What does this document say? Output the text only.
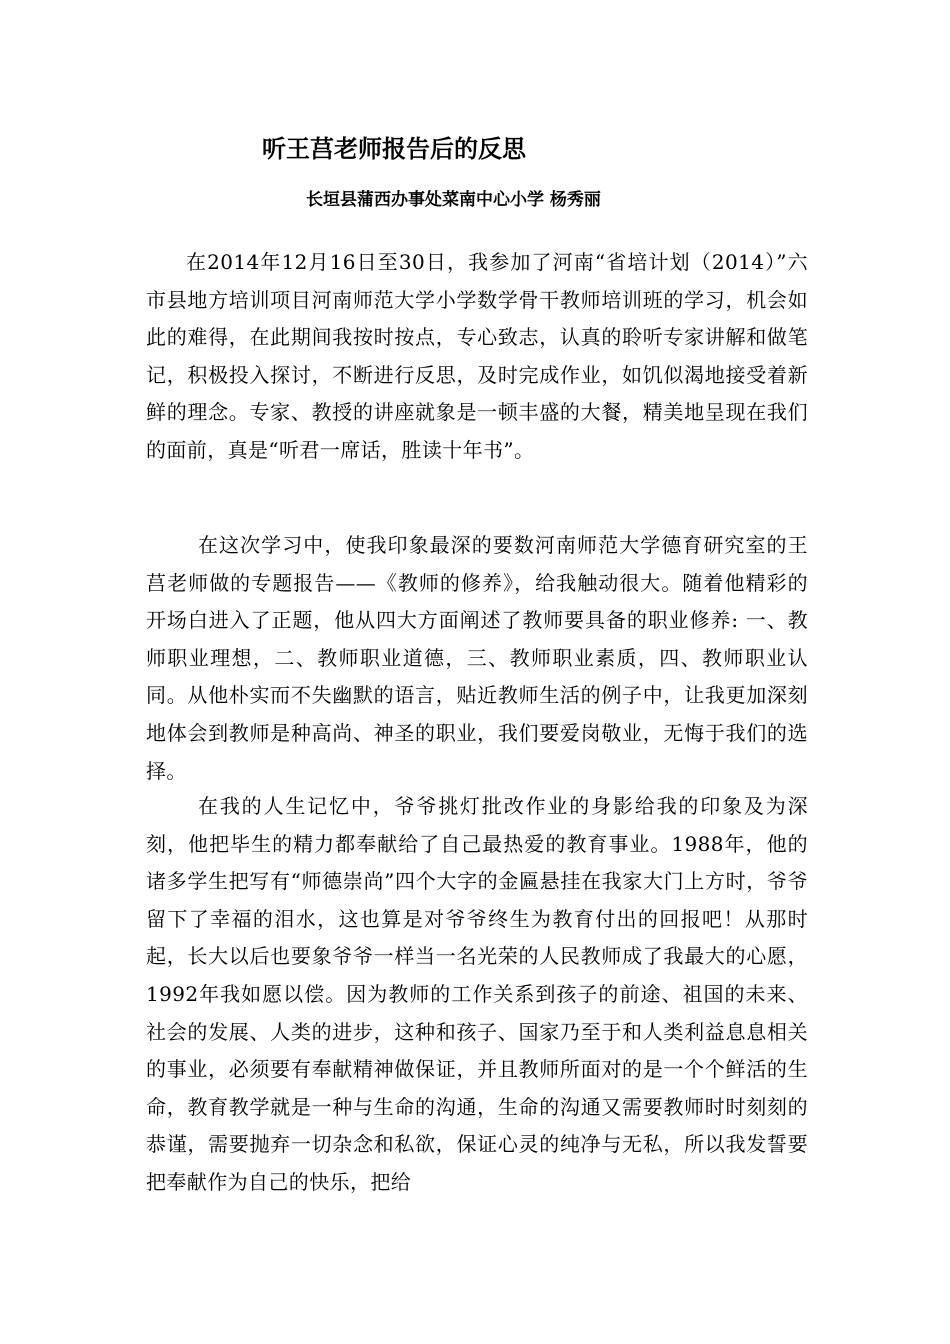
听王莒老师报告后的反思
长垣县蒲西办事处菜南中心小学 杨秀丽

在2014年12月16日至30日，我参加了河南“省培计划（2014）”六市县地方培训项目河南师范大学小学数学骨干教师培训班的学习，机会如此的难得，在此期间我按时按点，专心致志，认真的聆听专家讲解和做笔记，积极投入探讨，不断进行反思，及时完成作业，如饥似渴地接受着新鲜的理念。专家、教授的讲座就象是一顿丰盛的大餐，精美地呈现在我们的面前，真是“听君一席话，胜读十年书”。

在这次学习中，使我印象最深的要数河南师范大学德育研究室的王莒老师做的专题报告——《教师的修养》，给我触动很大。随着他精彩的开场白进入了正题，他从四大方面阐述了教师要具备的职业修养: 一、教师职业理想，二、教师职业道德，三、教师职业素质，四、教师职业认同。从他朴实而不失幽默的语言，贴近教师生活的例子中，让我更加深刻地体会到教师是种高尚、神圣的职业，我们要爱岗敬业，无悔于我们的选择。

在我的人生记忆中，爷爷挑灯批改作业的身影给我的印象及为深刻，他把毕生的精力都奉献给了自己最热爱的教育事业。1988年，他的诸多学生把写有“师德崇尚”四个大字的金匾悬挂在我家大门上方时，爷爷留下了幸福的泪水，这也算是对爷爷终生为教育付出的回报吧！从那时起，长大以后也要象爷爷一样当一名光荣的人民教师成了我最大的心愿，1992年我如愿以偿。因为教师的工作关系到孩子的前途、祖国的未来、社会的发展、人类的进步，这种和孩子、国家乃至于和人类利益息息相关的事业，必须要有奉献精神做保证，并且教师所面对的是一个个鲜活的生命，教育教学就是一种与生命的沟通，生命的沟通又需要教师时时刻刻的恭谨，需要抛弃一切杂念和私欲，保证心灵的纯净与无私，所以我发誓要把奉献作为自己的快乐，把给
